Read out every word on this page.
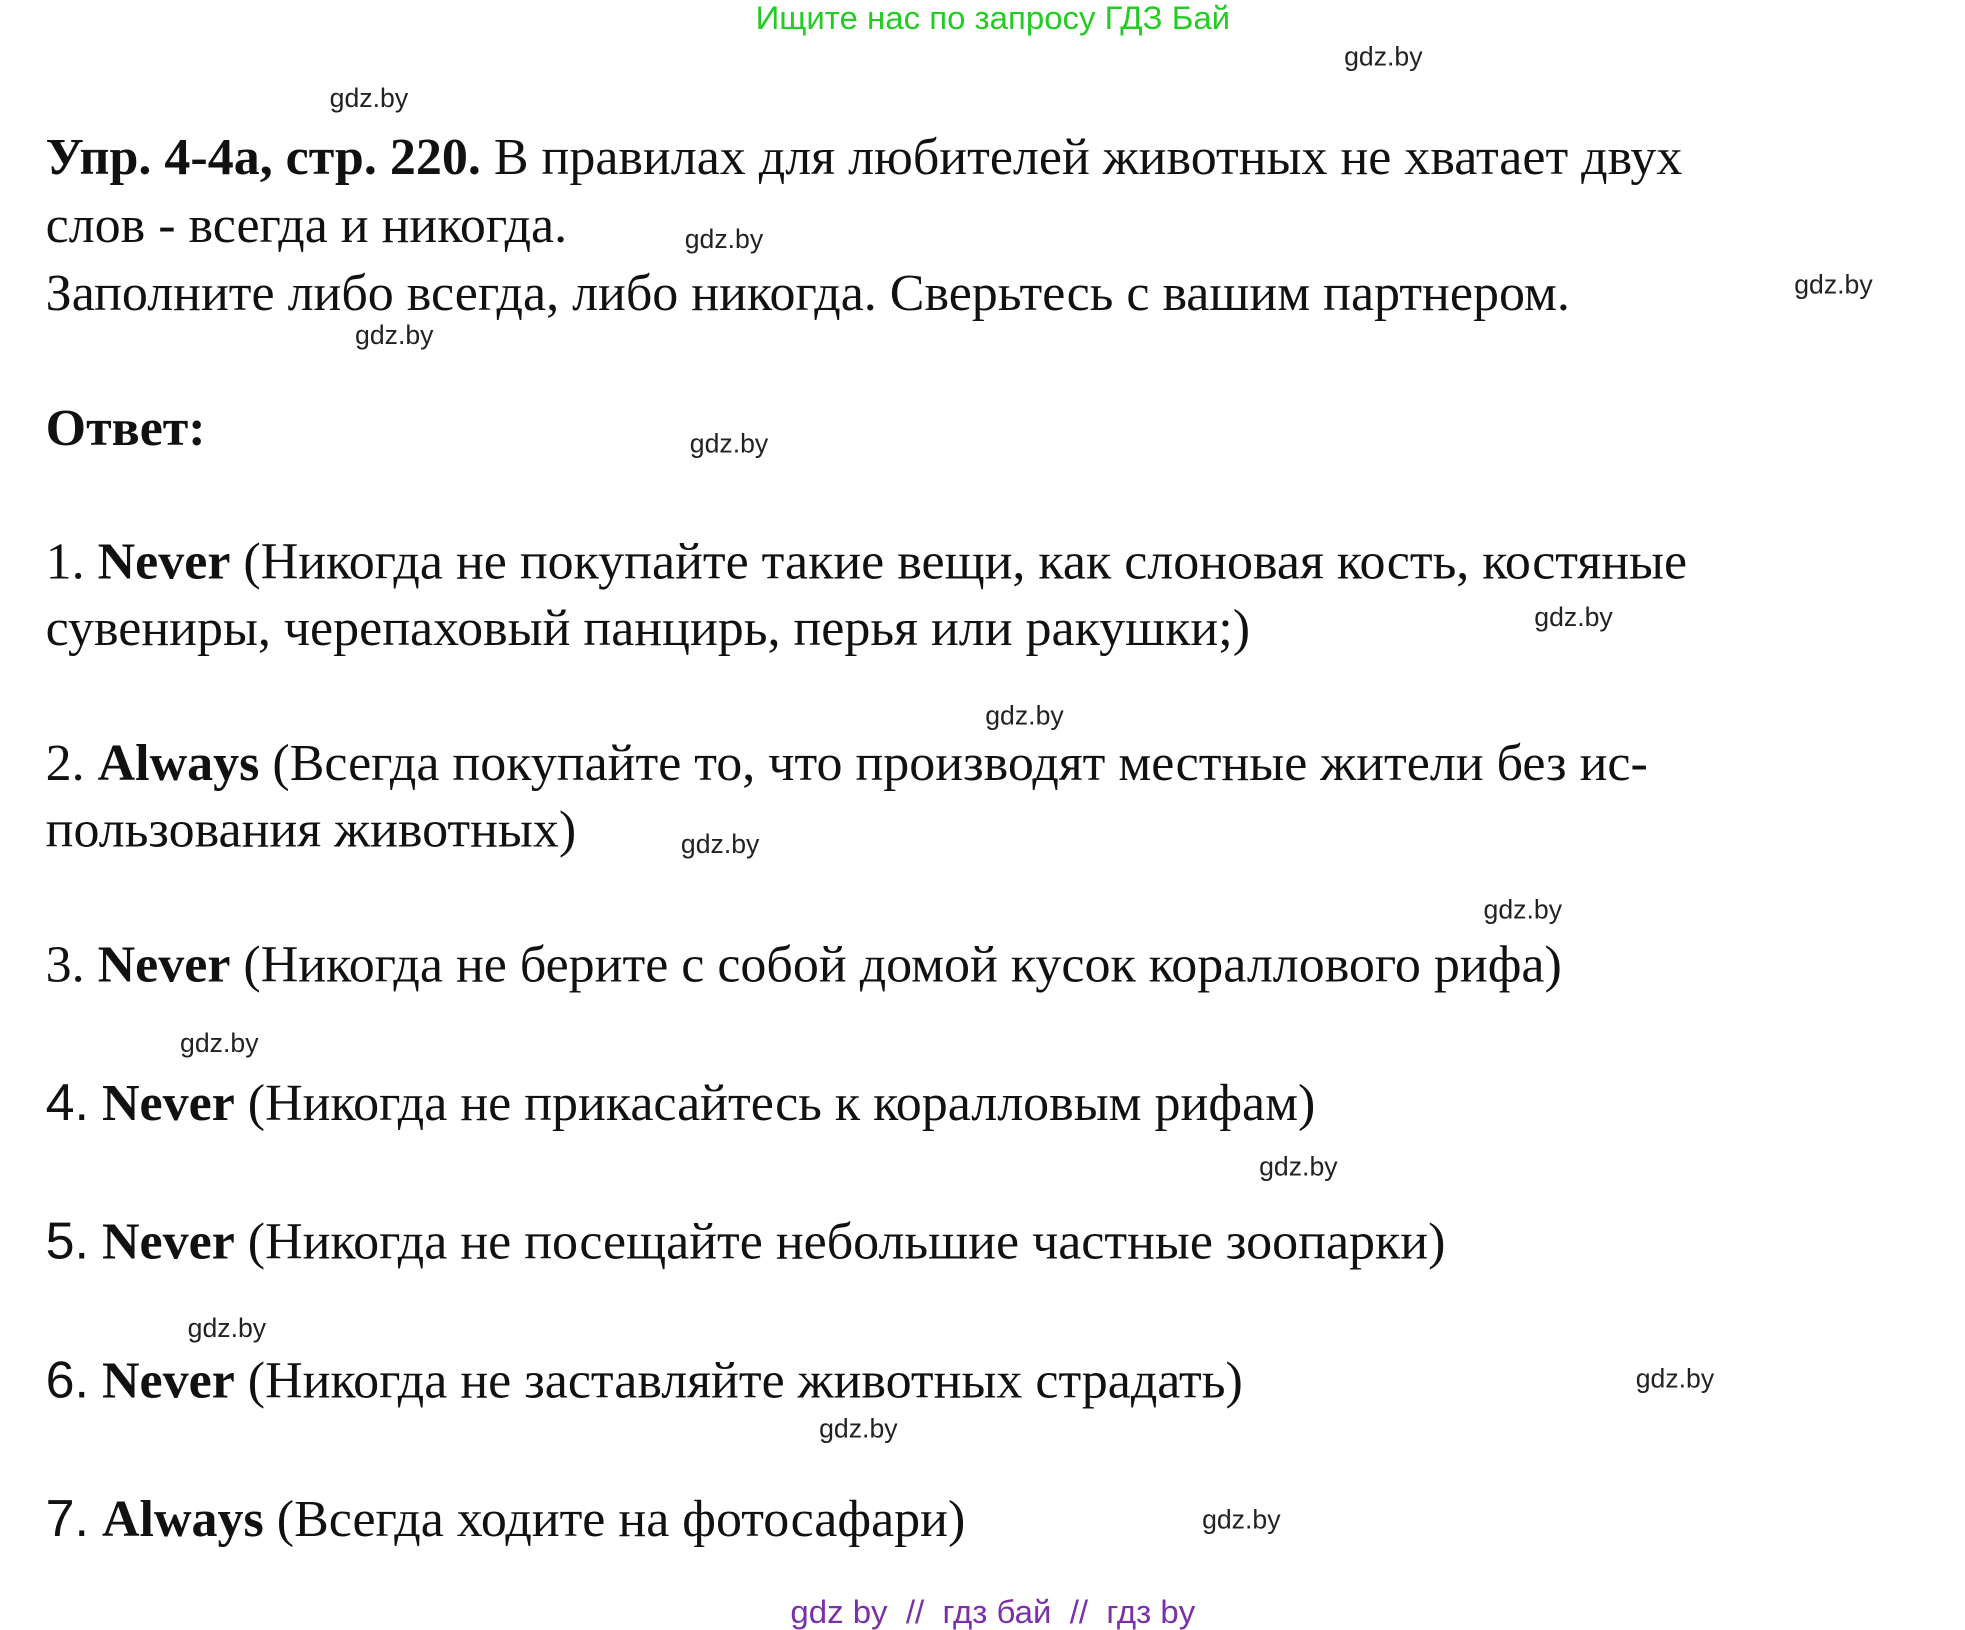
Ищите нас по запросу ГДЗ Бай
Упр. 4-4а, стр. 220. В правилах для любителей животных не хватает двух
слов - всегда и никогда.
Заполните либо всегда, либо никогда. Сверьтесь с вашим партнером.
Ответ:
1. Never (Никогда не покупайте такие вещи, как слоновая кость, костяные
сувениры, черепаховый панцирь, перья или ракушки;)
2. Always (Всегда покупайте то, что производят местные жители без ис-
пользования животных)
3. Never (Никогда не берите с собой домой кусок кораллового рифа)
4. Never (Никогда не прикасайтесь к коралловым рифам)
5. Never (Никогда не посещайте небольшие частные зоопарки)
6. Never (Никогда не заставляйте животных страдать)
7. Always (Всегда ходите на фотосафари)
gdz.by
gdz.by
gdz.by
gdz.by
gdz.by
gdz.by
gdz.by
gdz.by
gdz.by
gdz.by
gdz.by
gdz.by
gdz.by
gdz.by
gdz.by
gdz.by
gdz by  //  гдз бай  //  гдз by
